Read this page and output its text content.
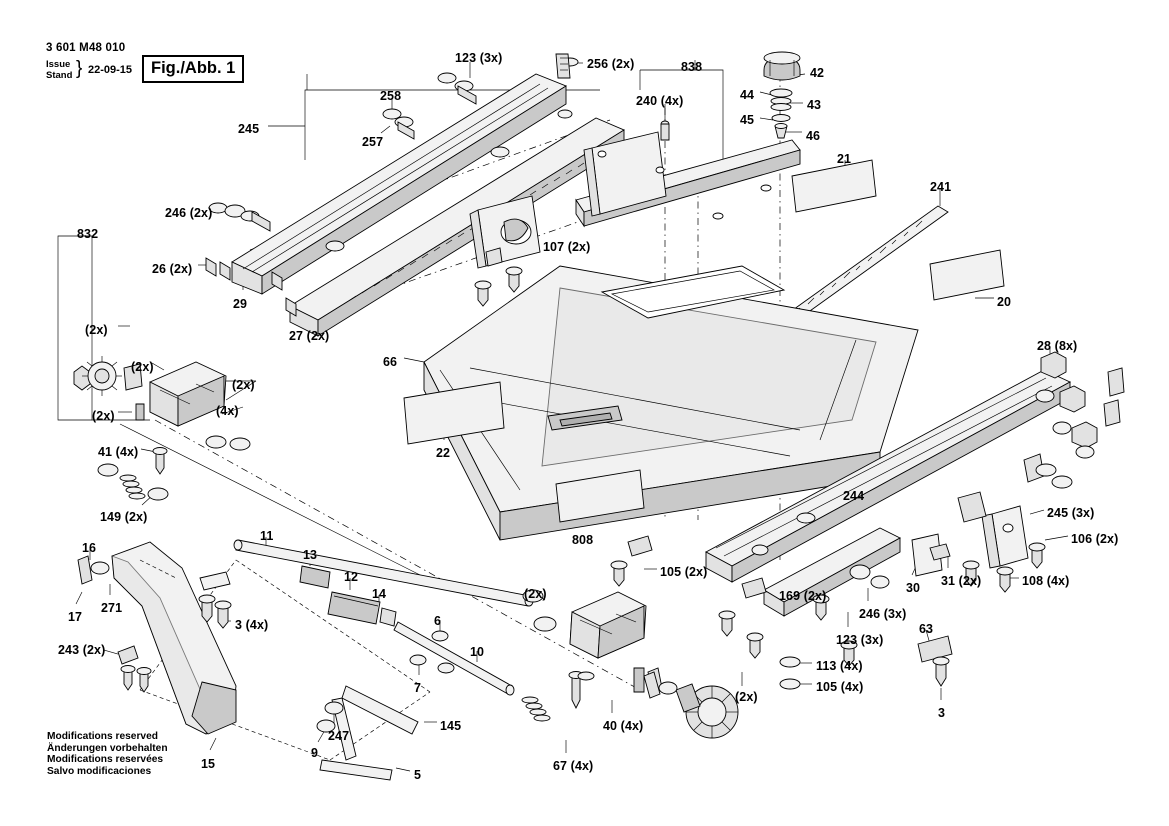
3 601 M48 010
Issue
Stand } 22-09-15	Fig./Abb. 1
Modifications reserved
Änderungen vorbehalten
Modifications reservées
Salvo modificaciones
123 (3x)	256 (2x)	838	42
44
43
45
46
258	240 (4x)
257
245
21
241
246 (2x)
107 (2x)
832
26 (2x)
29	20
27 (2x)
(2x)
28 (8x)
(2x)	66
(2x)
(4x)
(2x)
41 (4x)	22
149 (2x)
244
808
245 (3x)
106 (2x)
11
16	13
105 (2x)
30 31 (2x)	108 (4x)
12
14
17
271
(2x)	169 (2x)
246 (3x)
3 (4x)	6
123 (3x)
63
243 (2x)	10
113 (4x)
105 (4x)
7
(2x)
3
247
145	40 (4x)
9
15
5
67 (4x)
